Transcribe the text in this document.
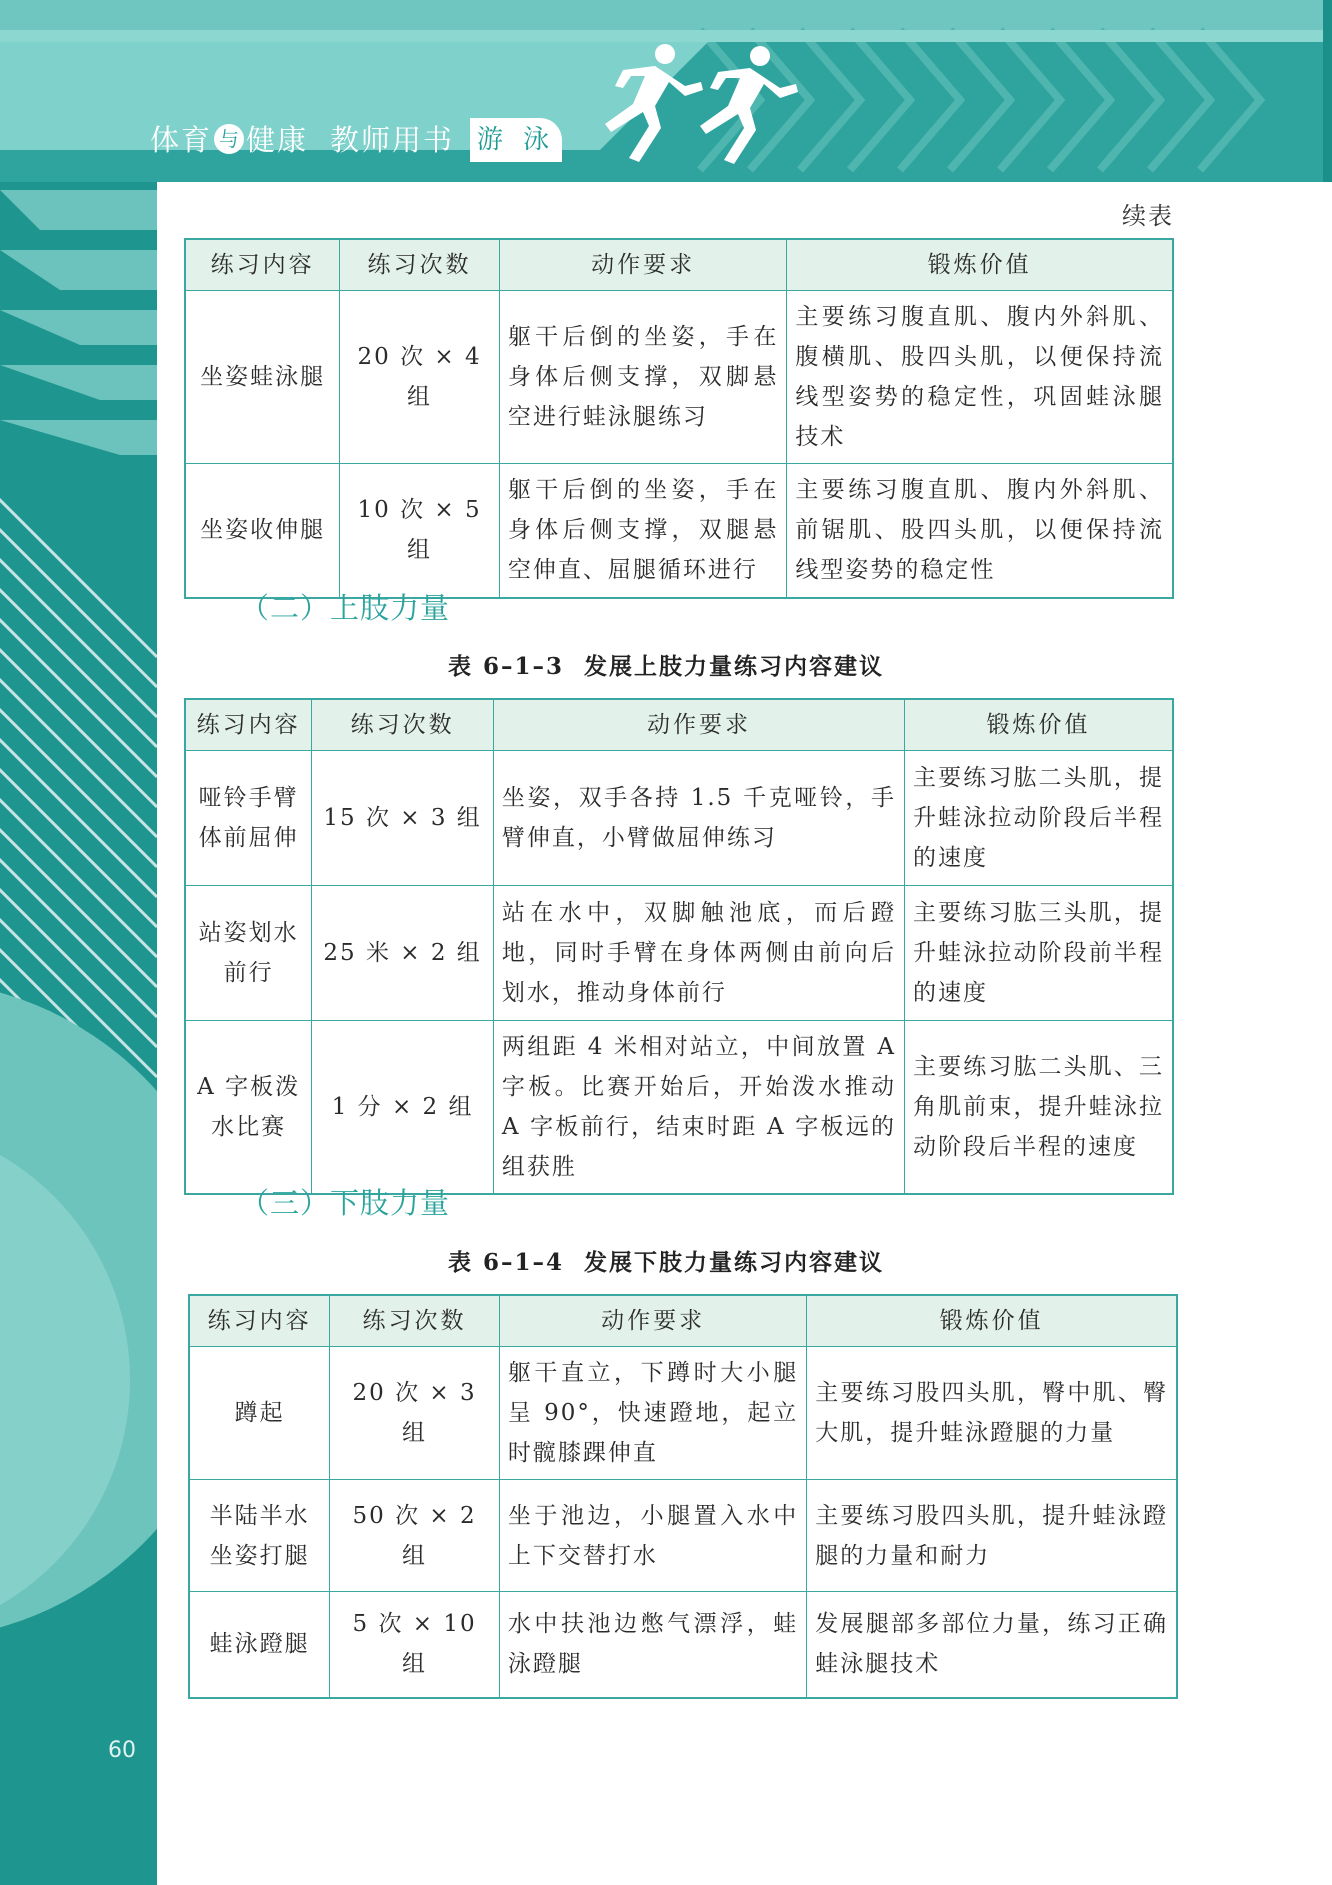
体育 与 健康 教师用书 游 泳
续表
练习内容	练习次数	动作要求	锻炼价值
坐姿蛙泳腿	20 次 × 4 组	躯干后倒的坐姿，手在身体后侧支撑，双脚悬空进行蛙泳腿练习	主要练习腹直肌、腹内外斜肌、腹横肌、股四头肌，以便保持流线型姿势的稳定性，巩固蛙泳腿技术
坐姿收伸腿	10 次 × 5 组	躯干后倒的坐姿，手在身体后侧支撑，双腿悬空伸直、屈腿循环进行	主要练习腹直肌、腹内外斜肌、前锯肌、股四头肌，以便保持流线型姿势的稳定性
（二）上肢力量
表 6–1–3 发展上肢力量练习内容建议
练习内容	练习次数	动作要求	锻炼价值
哑铃手臂体前屈伸	15 次 × 3 组	坐姿，双手各持 1.5 千克哑铃，手臂伸直，小臂做屈伸练习	主要练习肱二头肌，提升蛙泳拉动阶段后半程的速度
站姿划水前行	25 米 × 2 组	站在水中，双脚触池底，而后蹬地，同时手臂在身体两侧由前向后划水，推动身体前行	主要练习肱三头肌，提升蛙泳拉动阶段前半程的速度
A 字板泼水比赛	1 分 × 2 组	两组距 4 米相对站立，中间放置 A 字板。比赛开始后，开始泼水推动 A 字板前行，结束时距 A 字板远的组获胜	主要练习肱二头肌、三角肌前束，提升蛙泳拉动阶段后半程的速度
（三）下肢力量
表 6–1–4 发展下肢力量练习内容建议
练习内容	练习次数	动作要求	锻炼价值
蹲起	20 次 × 3 组	躯干直立，下蹲时大小腿呈 90°，快速蹬地，起立时髋膝踝伸直	主要练习股四头肌，臀中肌、臀大肌，提升蛙泳蹬腿的力量
半陆半水坐姿打腿	50 次 × 2 组	坐于池边，小腿置入水中上下交替打水	主要练习股四头肌，提升蛙泳蹬腿的力量和耐力
蛙泳蹬腿	5 次 × 10 组	水中扶池边憋气漂浮，蛙泳蹬腿	发展腿部多部位力量，练习正确蛙泳腿技术
60
